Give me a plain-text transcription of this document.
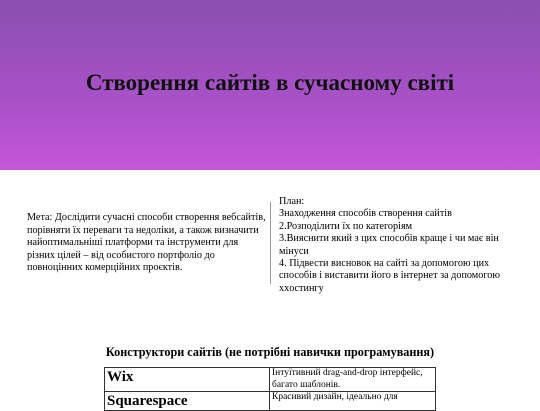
Створення сайтів в сучасному світі
Мета: Дослідити сучасні способи створення вебсайтів, порівняти їх переваги та недоліки, а також визначити найоптимальніші платформи та інструменти для різних цілей – від особистого портфоліо до повноцінних комерційних проєктів.
План:
Знаходження способів створення сайтів
2.Розподілити їх по категоріям
3.Вияснити який з цих способів краще і чи має він мінуси
4. Підвести висновок на сайті за допомогою цих способів і виставити його в інтернет за допомогою хxостингу
Конструктори сайтів (не потрібні навички програмування)
Wix	Інтуїтивний drag-and-drop інтерфейс, багато шаблонів.
Squarespace	Красивий дизайн, ідеально для
